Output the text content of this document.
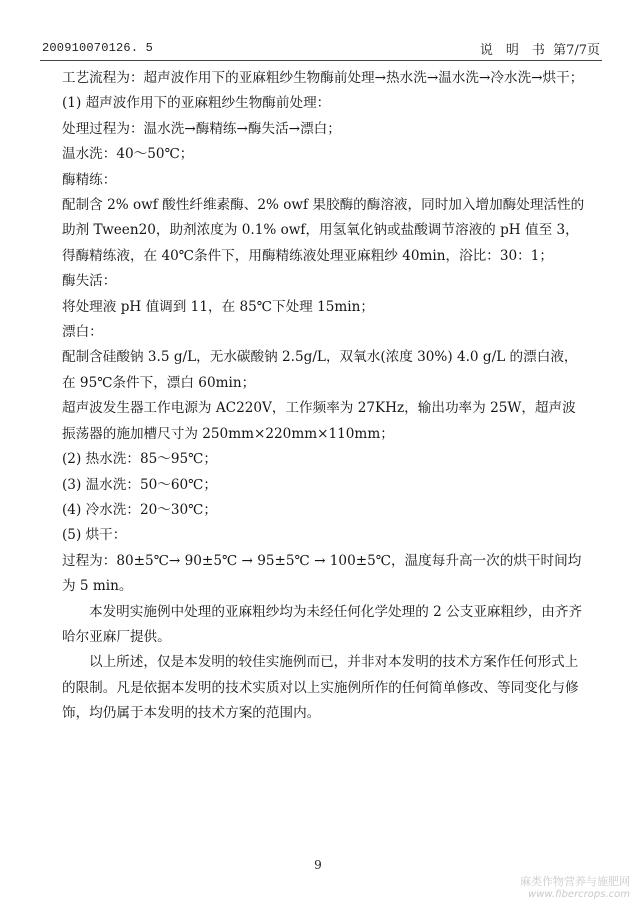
200910070126. 5	说　明　书 第7/7页

工艺流程为：超声波作用下的亚麻粗纱生物酶前处理→热水洗→温水洗→冷水洗→烘干；

(1) 超声波作用下的亚麻粗纱生物酶前处理：

处理过程为：温水洗→酶精练→酶失活→漂白；

温水洗：40～50℃；

酶精练：

配制含 2% owf 酸性纤维素酶、2% owf 果胶酶的酶溶液，同时加入增加酶处理活性的助剂 Tween20，助剂浓度为 0.1% owf，用氢氧化钠或盐酸调节溶液的 pH 值至 3，得酶精练液，在 40℃条件下，用酶精练液处理亚麻粗纱 40min，浴比：30：1；

酶失活：

将处理液 pH 值调到 11，在 85℃下处理 15min；

漂白：

配制含硅酸钠 3.5 g/L，无水碳酸钠 2.5g/L，双氧水(浓度 30%) 4.0 g/L 的漂白液，在 95℃条件下，漂白 60min；

超声波发生器工作电源为 AC220V，工作频率为 27KHz，输出功率为 25W，超声波振荡器的施加槽尺寸为 250mm×220mm×110mm；

(2) 热水洗：85～95℃；

(3) 温水洗：50～60℃；

(4) 冷水洗：20～30℃；

(5) 烘干：

过程为：80±5℃→ 90±5℃ → 95±5℃ → 100±5℃，温度每升高一次的烘干时间均为 5 min。

本发明实施例中处理的亚麻粗纱均为未经任何化学处理的 2 公支亚麻粗纱，由齐齐哈尔亚麻厂提供。

以上所述，仅是本发明的较佳实施例而已，并非对本发明的技术方案作任何形式上的限制。凡是依据本发明的技术实质对以上实施例所作的任何简单修改、等同变化与修饰，均仍属于本发明的技术方案的范围内。

9
麻类作物营养与施肥网
www.fibercrops.com
